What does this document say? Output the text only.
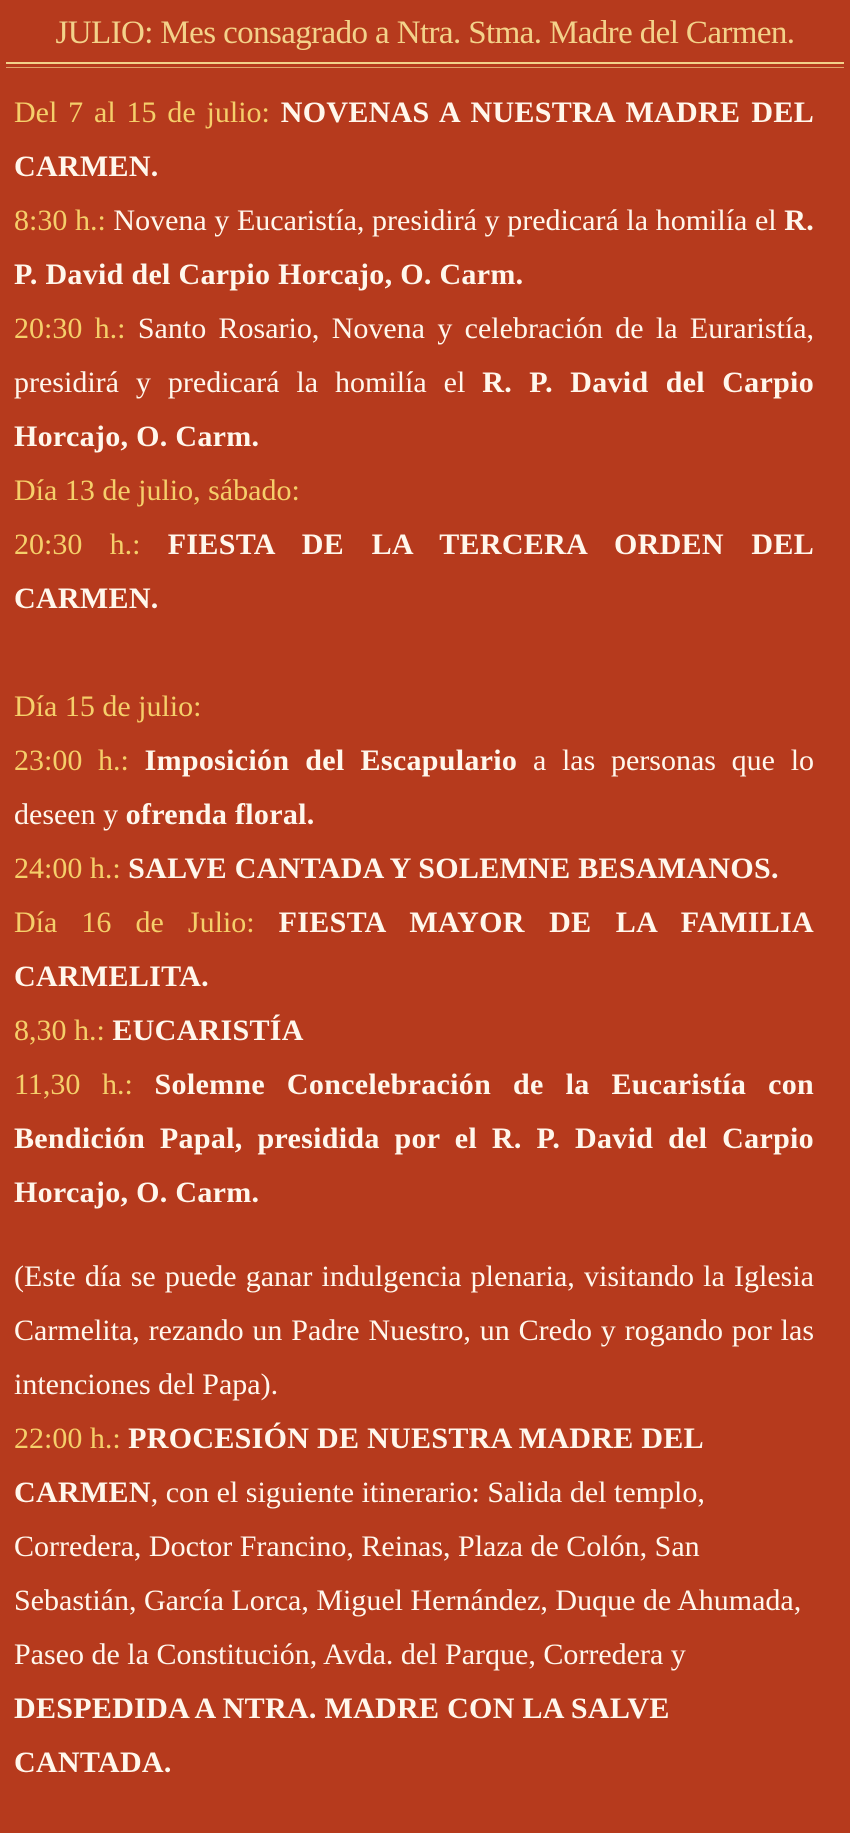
JULIO: Mes consagrado a Ntra. Stma. Madre del Carmen.

Del 7 al 15 de julio: NOVENAS A NUESTRA MADRE DEL CARMEN.

8:30 h.: Novena y Eucaristía, presidirá y predicará la homilía el R. P. David del Carpio Horcajo, O. Carm.

20:30 h.: Santo Rosario, Novena y celebración de la Euraristía, presidirá y predicará la homilía el R. P. David del Carpio Horcajo, O. Carm.

Día 13 de julio, sábado:

20:30 h.: FIESTA DE LA TERCERA ORDEN DEL CARMEN.

Día 15 de julio:

23:00 h.: Imposición del Escapulario a las personas que lo deseen y ofrenda floral.

24:00 h.: SALVE CANTADA Y SOLEMNE BESAMANOS.

Día 16 de Julio: FIESTA MAYOR DE LA FAMILIA CARMELITA.

8,30 h.: EUCARISTÍA

11,30 h.: Solemne Concelebración de la Eucaristía con Bendición Papal, presidida por el R. P. David del Carpio Horcajo, O. Carm.

(Este día se puede ganar indulgencia plenaria, visitando la Iglesia Carmelita, rezando un Padre Nuestro, un Credo y rogando por las intenciones del Papa).

22:00 h.: PROCESIÓN DE NUESTRA MADRE DEL CARMEN, con el siguiente itinerario: Salida del templo, Corredera, Doctor Francino, Reinas, Plaza de Colón, San Sebastián, García Lorca, Miguel Hernández, Duque de Ahumada, Paseo de la Constitución, Avda. del Parque, Corredera y DESPEDIDA A NTRA. MADRE CON LA SALVE CANTADA.
